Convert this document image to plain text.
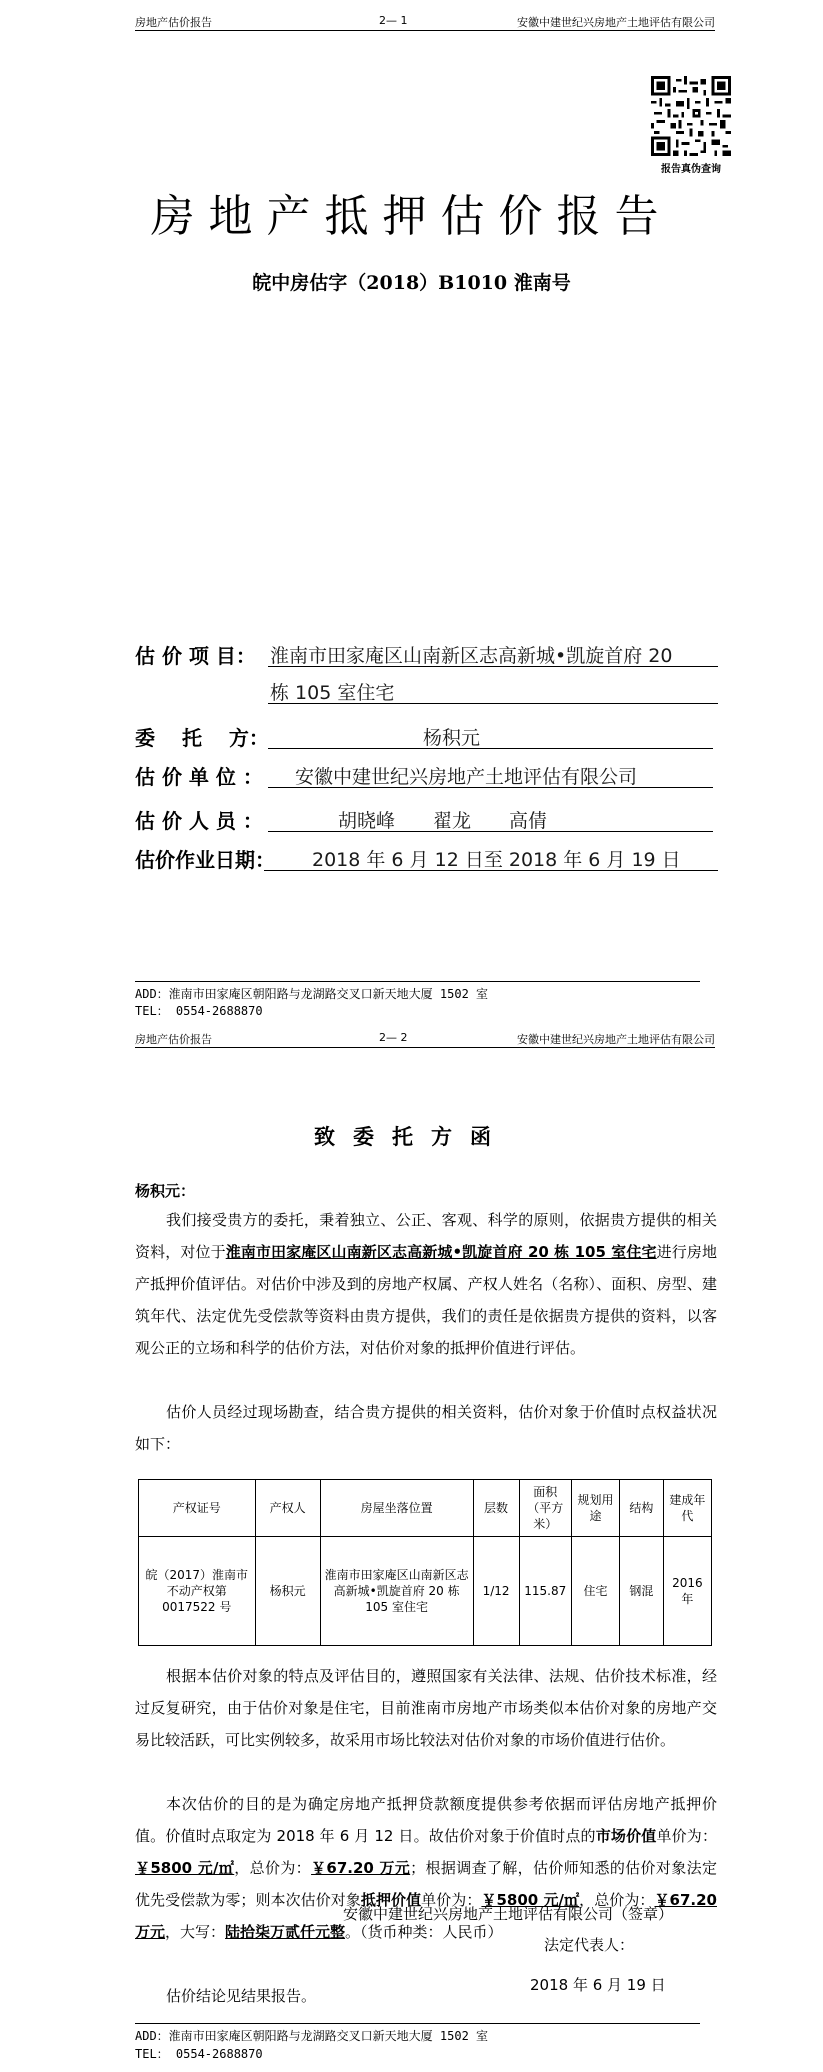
房地产估价报告	2— 1	安徽中建世纪兴房地产土地评估有限公司
报告真伪查询
房地产抵押估价报告
皖中房估字（2018）B1010 淮南号
估 价 项 目： 淮南市田家庵区山南新区志高新城•凯旋首府 20
栋 105 室住宅
委　 托　 方：	杨积元
估 价 单 位 ： 安徽中建世纪兴房地产土地评估有限公司
估 价 人 员 ：	胡晓峰　　翟龙　　高倩
估价作业日期： 2018 年 6 月 12 日至 2018 年 6 月 19 日
ADD：淮南市田家庵区朝阳路与龙湖路交叉口新天地大厦 1502 室
TEL： 0554-2688870
房地产估价报告	2— 2	安徽中建世纪兴房地产土地评估有限公司
致委托方函
杨积元：
我们接受贵方的委托，秉着独立、公正、客观、科学的原则，依据贵方提供的相关资料，对位于淮南市田家庵区山南新区志高新城•凯旋首府 20 栋 105 室住宅进行房地产抵押价值评估。对估价中涉及到的房地产权属、产权人姓名（名称）、面积、房型、建筑年代、法定优先受偿款等资料由贵方提供，我们的责任是依据贵方提供的资料，以客观公正的立场和科学的估价方法，对估价对象的抵押价值进行评估。
估价人员经过现场勘查，结合贵方提供的相关资料，估价对象于价值时点权益状况如下：
产权证号	产权人	房屋坐落位置	层数	面积（平方米）	规划用途	结构	建成年代
皖（2017）淮南市不动产权第 0017522 号	杨积元	淮南市田家庵区山南新区志高新城•凯旋首府 20 栋 105 室住宅	1/12	115.87	住宅	钢混	2016 年
根据本估价对象的特点及评估目的，遵照国家有关法律、法规、估价技术标准，经过反复研究，由于估价对象是住宅，目前淮南市房地产市场类似本估价对象的房地产交易比较活跃，可比实例较多，故采用市场比较法对估价对象的市场价值进行估价。
本次估价的目的是为确定房地产抵押贷款额度提供参考依据而评估房地产抵押价值。价值时点取定为 2018 年 6 月 12 日。故估价对象于价值时点的市场价值单价为：￥5800 元/㎡，总价为：￥67.20 万元；根据调查了解，估价师知悉的估价对象法定优先受偿款为零；则本次估价对象抵押价值单价为：￥5800 元/㎡，总价为：￥67.20 万元，大写：陆拾柒万贰仟元整。（货币种类：人民币）
估价结论见结果报告。
安徽中建世纪兴房地产土地评估有限公司（签章）
法定代表人：
2018 年 6 月 19 日
ADD：淮南市田家庵区朝阳路与龙湖路交叉口新天地大厦 1502 室
TEL： 0554-2688870
